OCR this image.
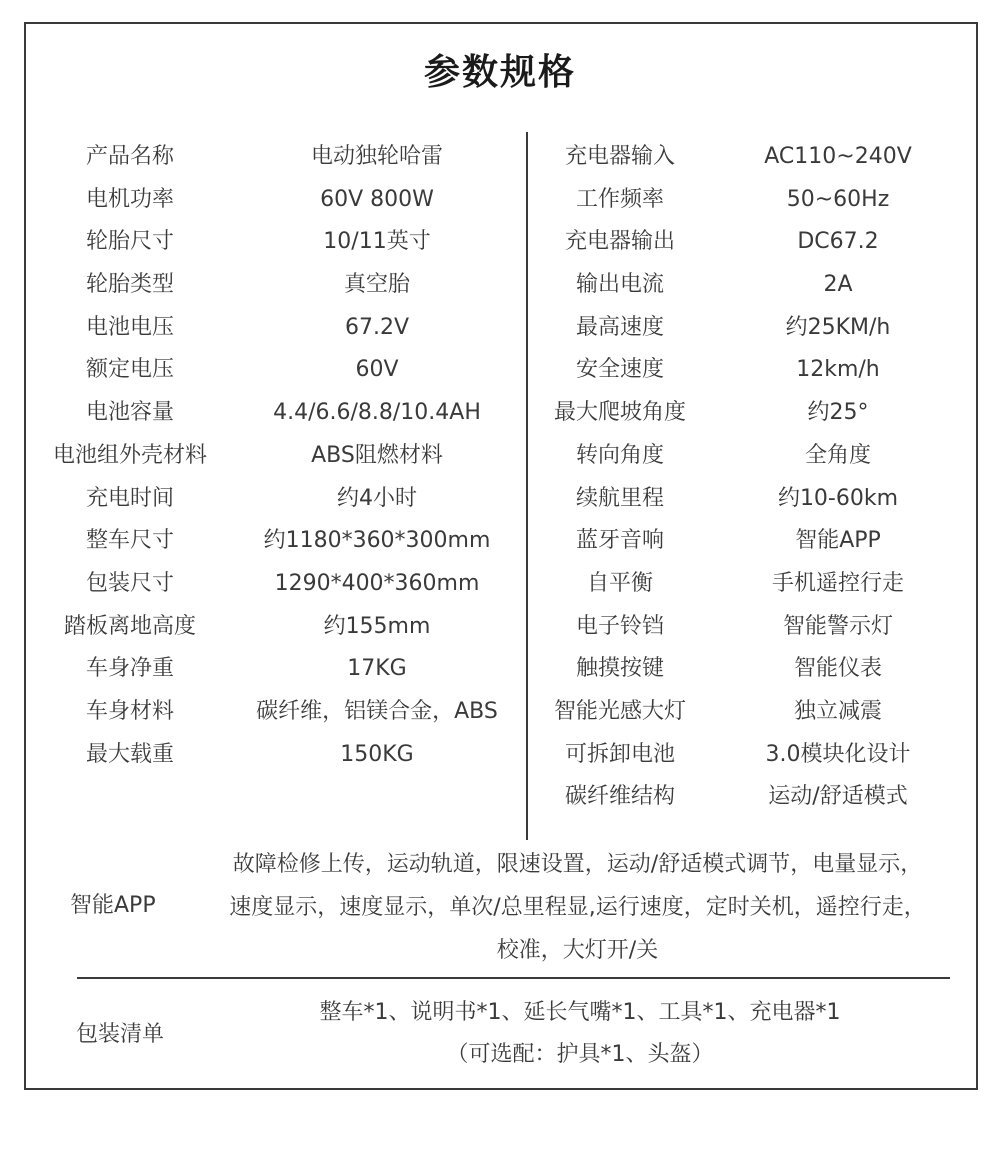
参数规格
产品名称	电动独轮哈雷
电机功率	60V 800W
轮胎尺寸	10/11英寸
轮胎类型	真空胎
电池电压	67.2V
额定电压	60V
电池容量	4.4/6.6/8.8/10.4AH
电池组外壳材料	ABS阻燃材料
充电时间	约4小时
整车尺寸	约1180*360*300mm
包装尺寸	1290*400*360mm
踏板离地高度	约155mm
车身净重	17KG
车身材料	碳纤维，铝镁合金，ABS
最大载重	150KG
充电器输入	AC110~240V
工作频率	50~60Hz
充电器输出	DC67.2
输出电流	2A
最高速度	约25KM/h
安全速度	12km/h
最大爬坡角度	约25°
转向角度	全角度
续航里程	约10-60km
蓝牙音响	智能APP
自平衡	手机遥控行走
电子铃铛	智能警示灯
触摸按键	智能仪表
智能光感大灯	独立减震
可拆卸电池	3.0模块化设计
碳纤维结构	运动/舒适模式
智能APP
故障检修上传，运动轨道，限速设置，运动/舒适模式调节，电量显示，
速度显示，速度显示，单次/总里程显,运行速度，定时关机，遥控行走，
校准，大灯开/关
包装清单
整车*1、说明书*1、延长气嘴*1、工具*1、充电器*1
（可选配：护具*1、头盔）
